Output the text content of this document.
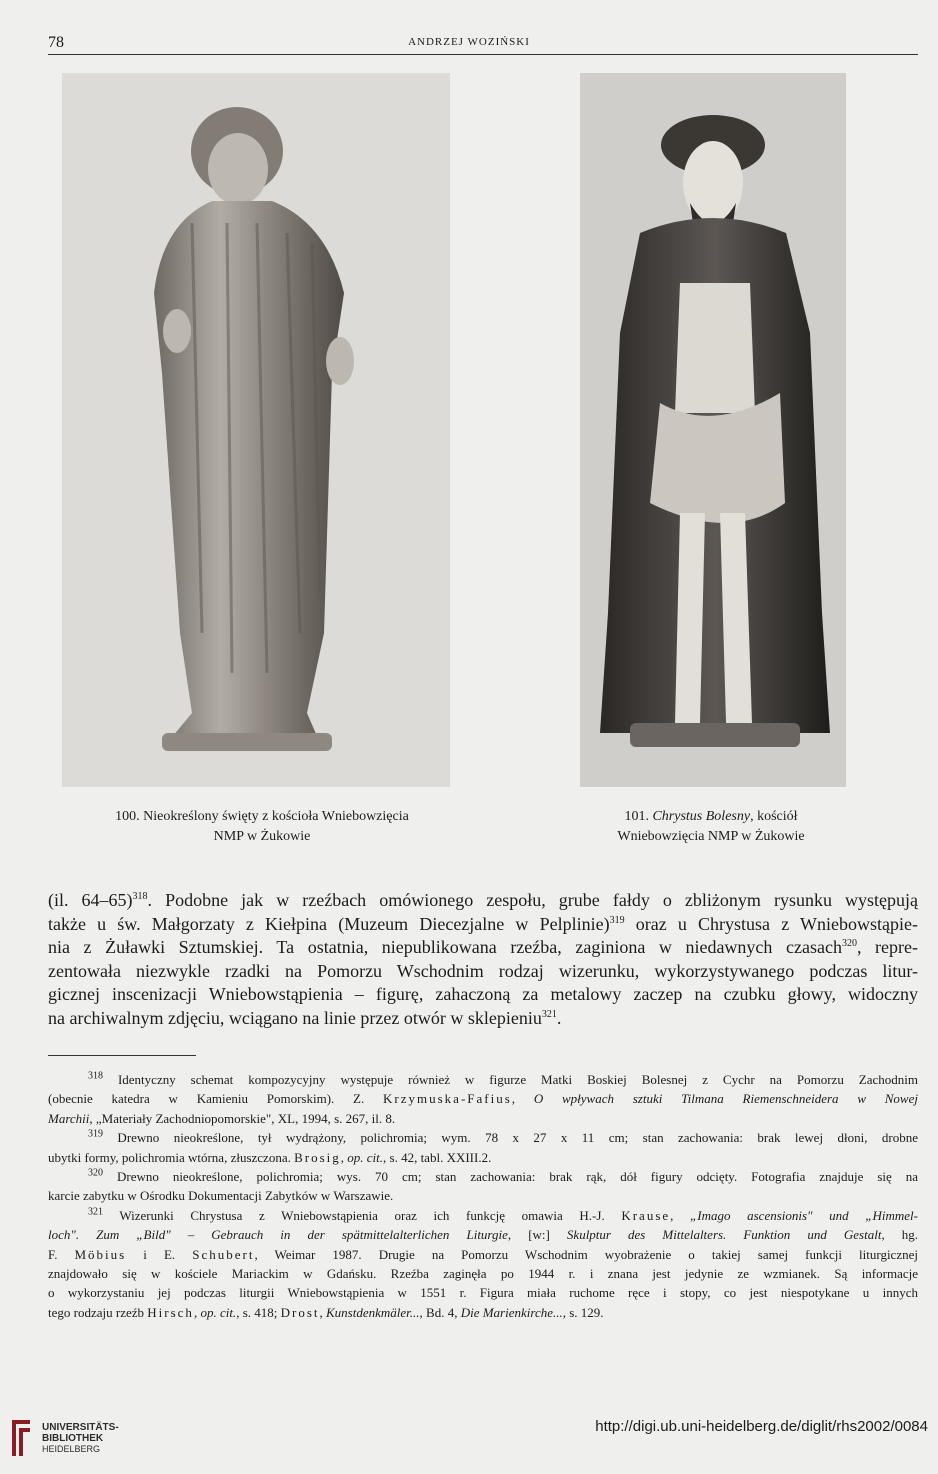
78	ANDRZEJ WOZIŃSKI
100. Nieokreślony święty z kościoła Wniebowzięcia
NMP w Żukowie
101. Chrystus Bolesny, kościół
Wniebowzięcia NMP w Żukowie
(il. 64–65)$^{318}$. Podobne jak w rzeźbach omówionego zespołu, grube fałdy o zbliżonym rysunku występują
także u św. Małgorzaty z Kiełpina (Muzeum Diecezjalne w Pelplinie)$^{319}$ oraz u Chrystusa z Wniebowstąpie-
nia z Żuławki Sztumskiej. Ta ostatnia, niepublikowana rzeźba, zaginiona w niedawnych czasach$^{320}$, repre-
zentowała niezwykle rzadki na Pomorzu Wschodnim rodzaj wizerunku, wykorzystywanego podczas litur-
gicznej inscenizacji Wniebowstąpienia – figurę, zahaczoną za metalowy zaczep na czubku głowy, widoczny
na archiwalnym zdjęciu, wciągano na linie przez otwór w sklepieniu$^{321}$.
$^{318}$ Identyczny schemat kompozycyjny występuje również w figurze Matki Boskiej Bolesnej z Cychr na Pomorzu Zachodnim
(obecnie katedra w Kamieniu Pomorskim). Z. Krzymuska-Fafius, O wpływach sztuki Tilmana Riemenschneidera w Nowej
Marchii, „Materiały Zachodniopomorskie", XL, 1994, s. 267, il. 8.
$^{319}$ Drewno nieokreślone, tył wydrążony, polichromia; wym. 78 x 27 x 11 cm; stan zachowania: brak lewej dłoni, drobne
ubytki formy, polichromia wtórna, złuszczona. Brosig, op. cit., s. 42, tabl. XXIII.2.
$^{320}$ Drewno nieokreślone, polichromia; wys. 70 cm; stan zachowania: brak rąk, dół figury odcięty. Fotografia znajduje się na
karcie zabytku w Ośrodku Dokumentacji Zabytków w Warszawie.
$^{321}$ Wizerunki Chrystusa z Wniebowstąpienia oraz ich funkcję omawia H.-J. Krause, „Imago ascensionis" und „Himmel-
loch". Zum „Bild" – Gebrauch in der spätmittelalterlichen Liturgie, [w:] Skulptur des Mittelalters. Funktion und Gestalt, hg.
F. Möbius i E. Schubert, Weimar 1987. Drugie na Pomorzu Wschodnim wyobrażenie o takiej samej funkcji liturgicznej
znajdowało się w kościele Mariackim w Gdańsku. Rzeźba zaginęła po 1944 r. i znana jest jedynie ze wzmianek. Są informacje
o wykorzystaniu jej podczas liturgii Wniebowstąpienia w 1551 r. Figura miała ruchome ręce i stopy, co jest niespotykane u innych
tego rodzaju rzeźb Hirsch, op. cit., s. 418; Drost, Kunstdenkmäler..., Bd. 4, Die Marienkirche..., s. 129.
UNIVERSITÄTS-
BIBLIOTHEK
HEIDELBERG
http://digi.ub.uni-heidelberg.de/diglit/rhs2002/0084
